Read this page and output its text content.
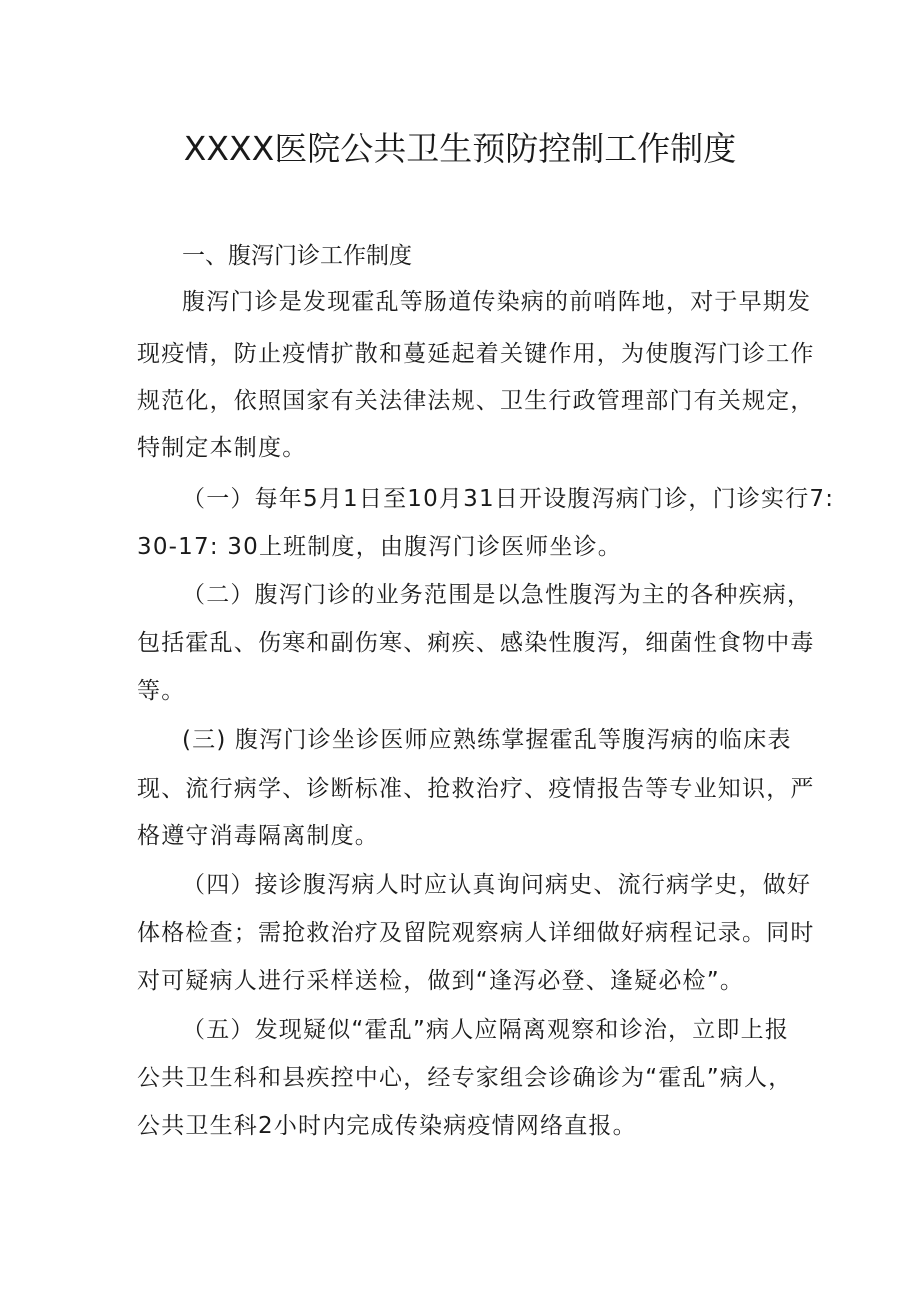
XXXX医院公共卫生预防控制工作制度
一、腹泻门诊工作制度
腹泻门诊是发现霍乱等肠道传染病的前哨阵地，对于早期发
现疫情，防止疫情扩散和蔓延起着关键作用，为使腹泻门诊工作
规范化，依照国家有关法律法规、卫生行政管理部门有关规定，
特制定本制度。
（一）每年5月1日至10月31日开设腹泻病门诊，门诊实行7:
30-17: 30上班制度，由腹泻门诊医师坐诊。
（二）腹泻门诊的业务范围是以急性腹泻为主的各种疾病，
包括霍乱、伤寒和副伤寒、痢疾、感染性腹泻，细菌性食物中毒
等。
(三) 腹泻门诊坐诊医师应熟练掌握霍乱等腹泻病的临床表
现、流行病学、诊断标准、抢救治疗、疫情报告等专业知识，严
格遵守消毒隔离制度。
（四）接诊腹泻病人时应认真询问病史、流行病学史，做好
体格检查；需抢救治疗及留院观察病人详细做好病程记录。同时
对可疑病人进行采样送检，做到“逢泻必登、逢疑必检”。
（五）发现疑似“霍乱”病人应隔离观察和诊治，立即上报
公共卫生科和县疾控中心，经专家组会诊确诊为“霍乱”病人，
公共卫生科2小时内完成传染病疫情网络直报。
